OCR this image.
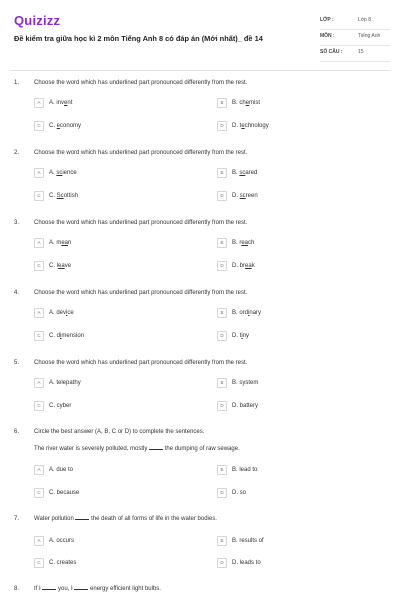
Quizizz
Đề kiểm tra giữa học kì 2 môn Tiếng Anh 8 có đáp án (Mới nhất)_ đề 14
LỚP :	Lớp 8
MÔN :	Tiếng Anh
SỐ CÂU :	15
1. Choose the word which has underlined part pronounced differently from the rest.
A	A. invent	B	B. chemist
C	C. economy	D	D. technology
2. Choose the word which has underlined part pronounced differently from the rest.
A	A. science	B	B. scared
C	C. Scottish	D	D. screen
3. Choose the word which has underlined part pronounced differently from the rest.
A	A. mean	B	B. reach
C	C. leave	D	D. break
4. Choose the word which has underlined part pronounced differently from the rest.
A	A. device	B	B. ordinary
C	C. dimension	D	D. tiny
5. Choose the word which has underlined part pronounced differently from the rest.
A	A. telepathy	B	B. system
C	C. cyber	D	D. battery
6. Circle the best answer (A, B, C or D) to complete the sentences.
The river water is severely polluted, mostly  the dumping of raw sewage.
A	A. due to	B	B. lead to
C	C. because	D	D. so
7. Water pollution  the death of all forms of life in the water bodies.
A	A. occurs	B	B. results of
C	C. creates	D	D. leads to
8. If I  you, I  energy efficient light bulbs.
